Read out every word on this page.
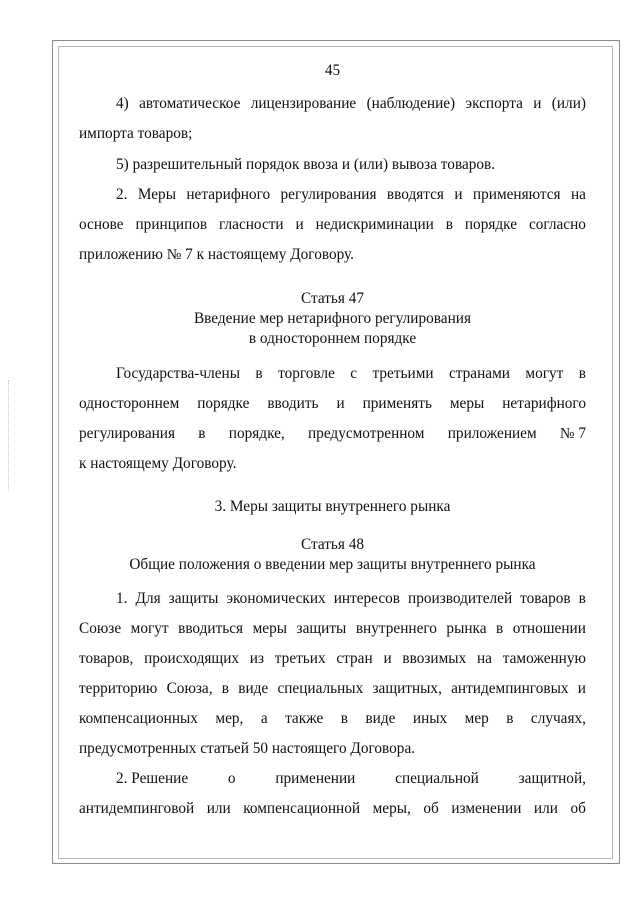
45
4) автоматическое лицензирование (наблюдение) экспорта и (или)
импорта товаров;
5) разрешительный порядок ввоза и (или) вывоза товаров.
2. Меры нетарифного регулирования вводятся и применяются на
основе принципов гласности и недискриминации в порядке согласно
приложению № 7 к настоящему Договору.
Статья 47
Введение мер нетарифного регулирования
в одностороннем порядке
Государства-члены в торговле с третьими странами могут в
одностороннем порядке вводить и применять меры нетарифного
регулирования в порядке, предусмотренном приложением № 7
к настоящему Договору.
3. Меры защиты внутреннего рынка
Статья 48
Общие положения о введении мер защиты внутреннего рынка
1. Для защиты экономических интересов производителей товаров в
Союзе могут вводиться меры защиты внутреннего рынка в отношении
товаров, происходящих из третьих стран и ввозимых на таможенную
территорию Союза, в виде специальных защитных, антидемпинговых и
компенсационных мер, а также в виде иных мер в случаях,
предусмотренных статьей 50 настоящего Договора.
2. Решение	о	применении	специальной	защитной,
антидемпинговой или компенсационной меры, об изменении или об
